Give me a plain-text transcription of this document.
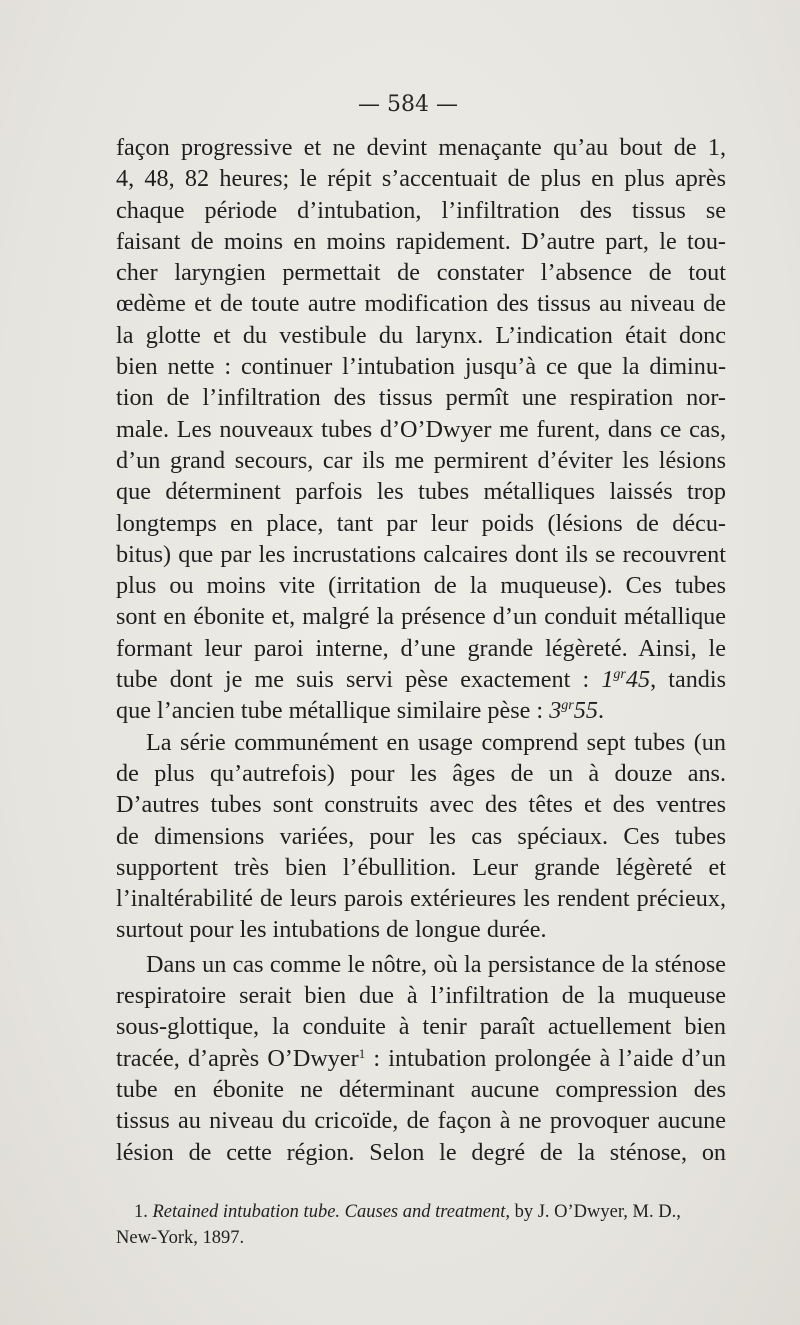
— 584 —
façon progressive et ne devint menaçante qu’au bout de 1,
4, 48, 82 heures; le répit s’accentuait de plus en plus après
chaque période d’intubation, l’infiltration des tissus se
faisant de moins en moins rapidement. D’autre part, le tou-
cher laryngien permettait de constater l’absence de tout
œdème et de toute autre modification des tissus au niveau de
la glotte et du vestibule du larynx. L’indication était donc
bien nette : continuer l’intubation jusqu’à ce que la diminu-
tion de l’infiltration des tissus permît une respiration nor-
male. Les nouveaux tubes d’O’Dwyer me furent, dans ce cas,
d’un grand secours, car ils me permirent d’éviter les lésions
que déterminent parfois les tubes métalliques laissés trop
longtemps en place, tant par leur poids (lésions de décu-
bitus) que par les incrustations calcaires dont ils se recouvrent
plus ou moins vite (irritation de la muqueuse). Ces tubes
sont en ébonite et, malgré la présence d’un conduit métallique
formant leur paroi interne, d’une grande légèreté. Ainsi, le
tube dont je me suis servi pèse exactement : $1^{gr}45$, tandis
que l’ancien tube métallique similaire pèse : $3^{gr}55$.
La série communément en usage comprend sept tubes (un
de plus qu’autrefois) pour les âges de un à douze ans.
D’autres tubes sont construits avec des têtes et des ventres
de dimensions variées, pour les cas spéciaux. Ces tubes
supportent très bien l’ébullition. Leur grande légèreté et
l’inaltérabilité de leurs parois extérieures les rendent précieux,
surtout pour les intubations de longue durée.
Dans un cas comme le nôtre, où la persistance de la sténose
respiratoire serait bien due à l’infiltration de la muqueuse
sous-glottique, la conduite à tenir paraît actuellement bien
tracée, d’après O’Dwyer$^1$ : intubation prolongée à l’aide d’un
tube en ébonite ne déterminant aucune compression des
tissus au niveau du cricoïde, de façon à ne provoquer aucune
lésion de cette région. Selon le degré de la sténose, on
1. Retained intubation tube. Causes and treatment, by J. O’Dwyer, M. D.,
New-York, 1897.
